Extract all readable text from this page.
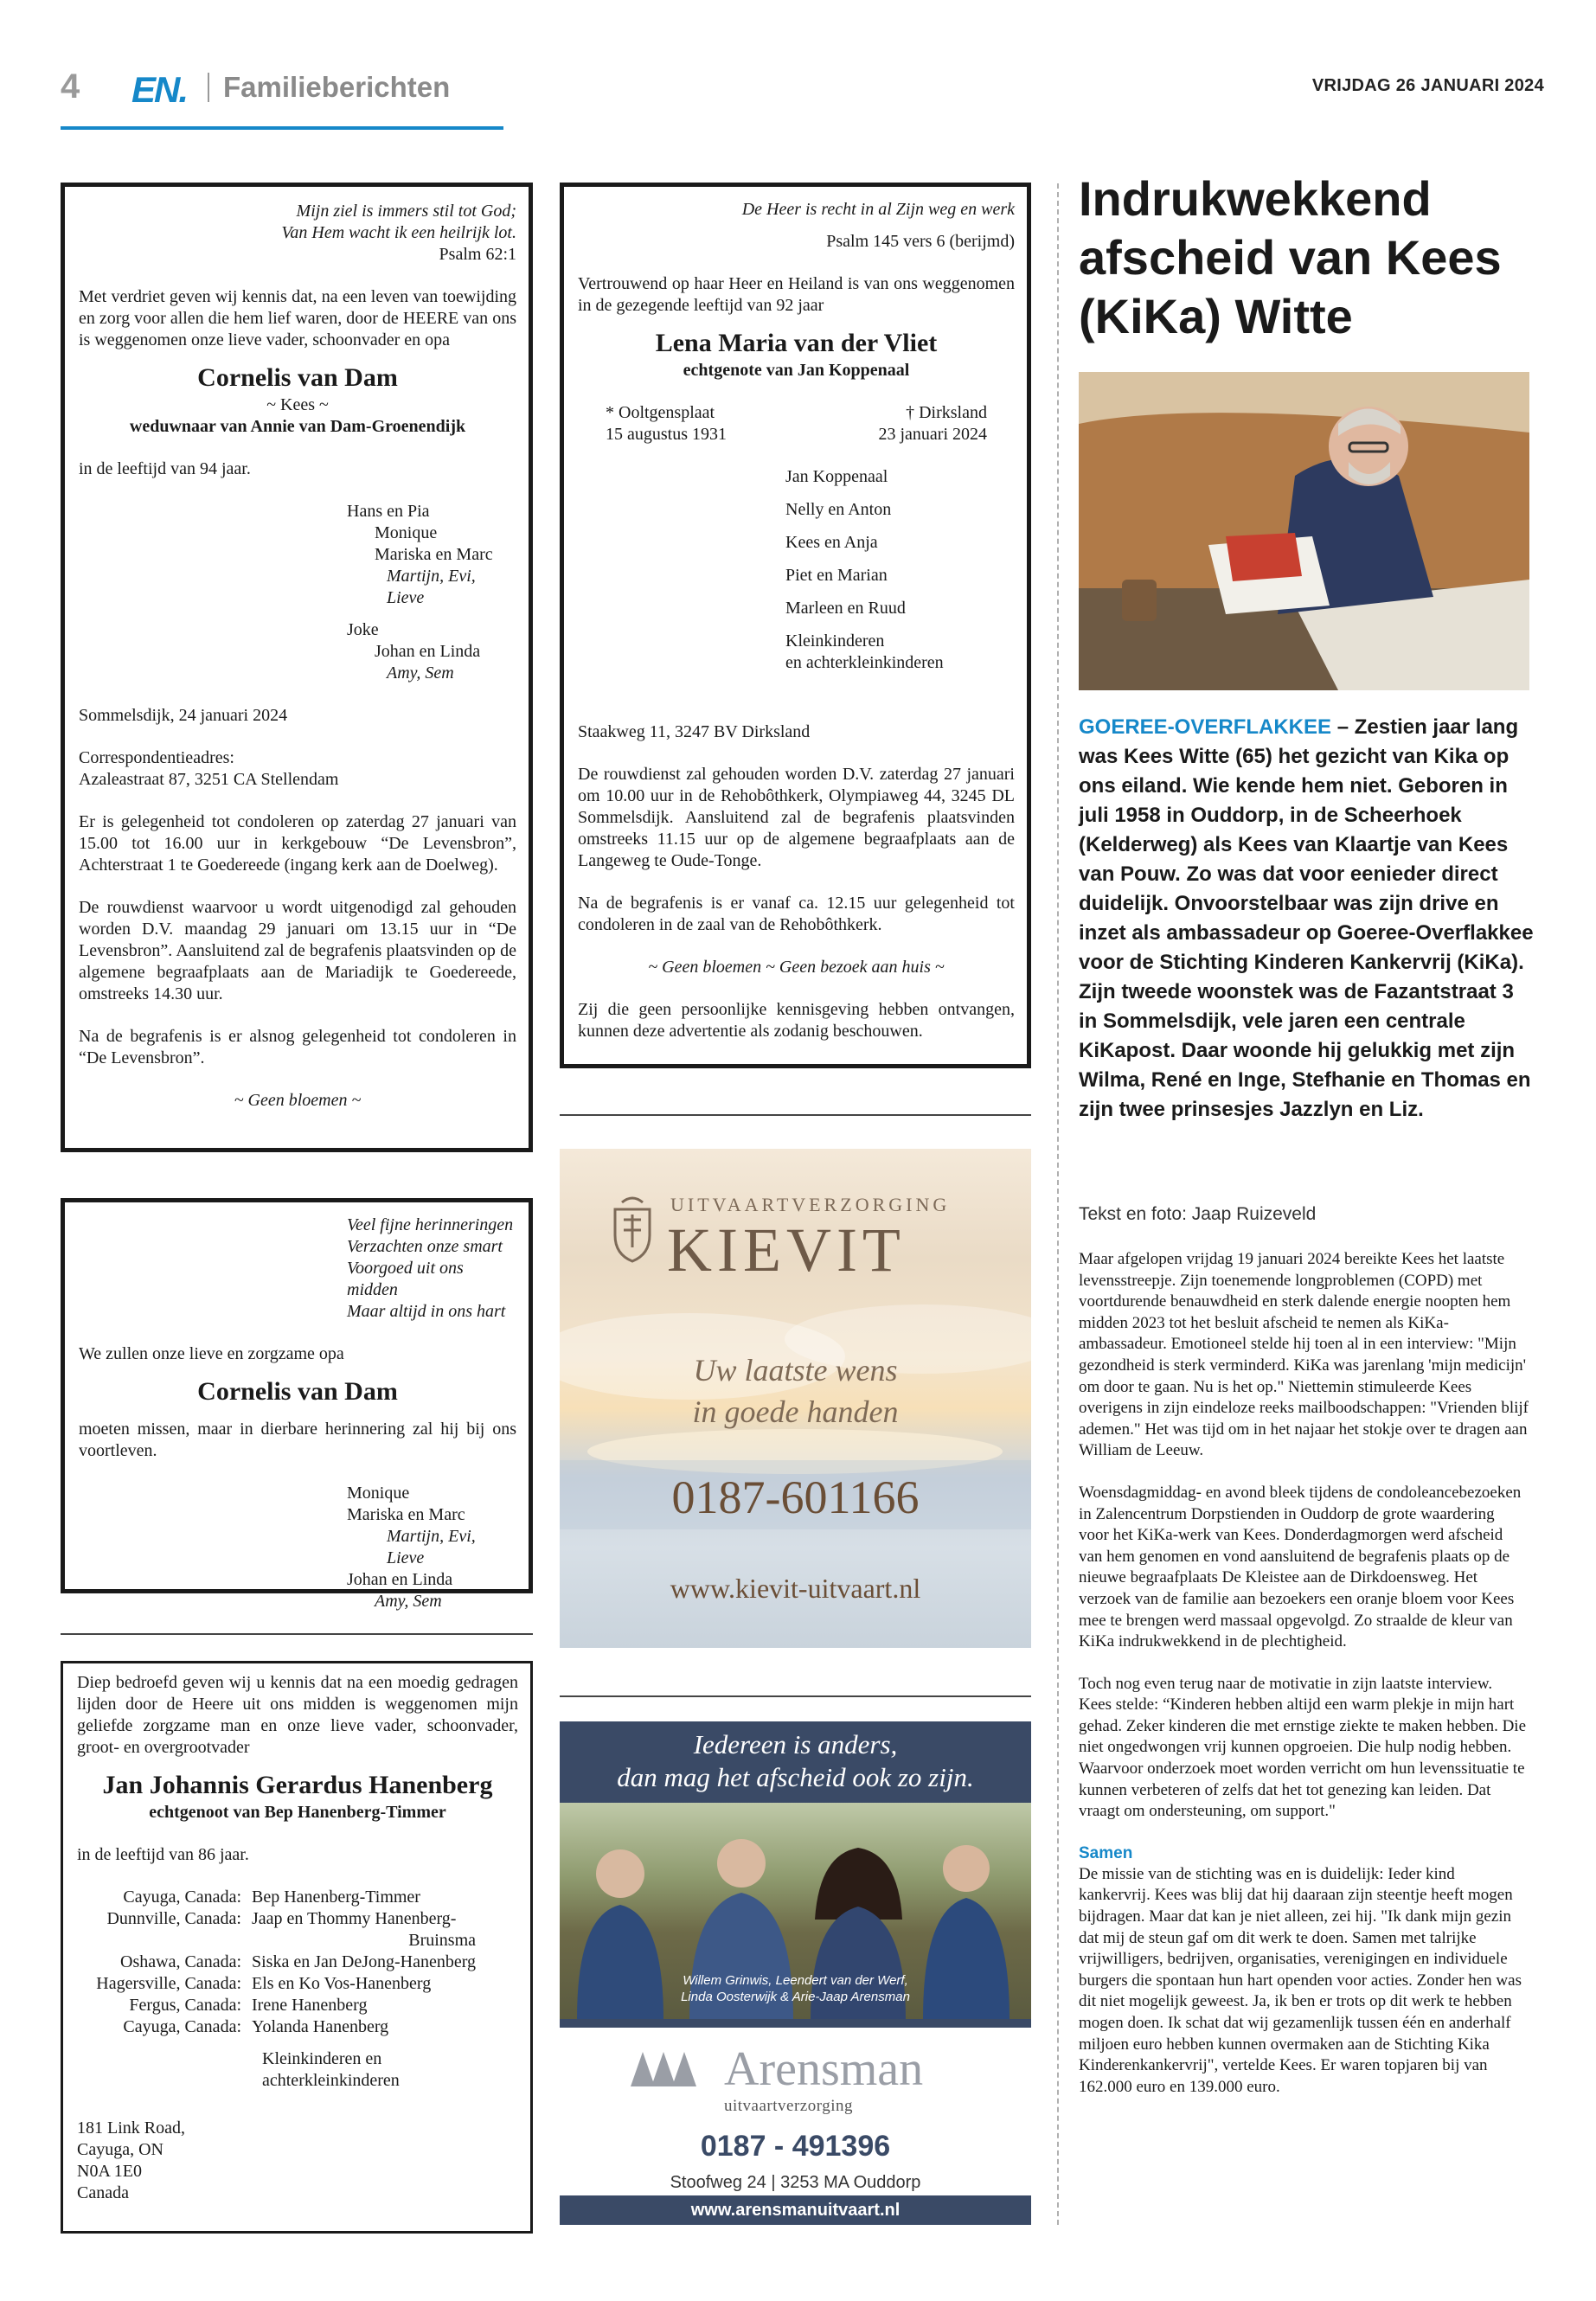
4 EN. Familieberichten	VRIJDAG 26 JANUARI 2024
Mijn ziel is immers stil tot God;
Van Hem wacht ik een heilrijk lot.
Psalm 62:1
Met verdriet geven wij kennis dat, na een leven van toewijding en zorg voor allen die hem lief waren, door de HEERE van ons is weggenomen onze lieve vader, schoonvader en opa
Cornelis van Dam
~ Kees ~
weduwnaar van Annie van Dam-Groenendijk
in de leeftijd van 94 jaar.
Hans en Pia
Monique
Mariska en Marc
Martijn, Evi, Lieve
Joke
Johan en Linda
Amy, Sem
Sommelsdijk, 24 januari 2024
Correspondentieadres:
Azaleastraat 87, 3251 CA Stellendam
Er is gelegenheid tot condoleren op zaterdag 27 januari van 15.00 tot 16.00 uur in kerkgebouw “De Levensbron”, Achterstraat 1 te Goedereede (ingang kerk aan de Doelweg).
De rouwdienst waarvoor u wordt uitgenodigd zal gehouden worden D.V. maandag 29 januari om 13.15 uur in “De Levensbron”. Aansluitend zal de begrafenis plaatsvinden op de algemene begraafplaats aan de Mariadijk te Goedereede, omstreeks 14.30 uur.
Na de begrafenis is er alsnog gelegenheid tot condoleren in “De Levensbron”.
~ Geen bloemen ~
Veel fijne herinneringen
Verzachten onze smart
Voorgoed uit ons midden
Maar altijd in ons hart
We zullen onze lieve en zorgzame opa
Cornelis van Dam
moeten missen, maar in dierbare herinnering zal hij bij ons voortleven.
Monique
Mariska en Marc
Martijn, Evi, Lieve
Johan en Linda
Amy, Sem
Diep bedroefd geven wij u kennis dat na een moedig gedragen lijden door de Heere uit ons midden is weggenomen mijn geliefde zorgzame man en onze lieve vader, schoonvader, groot- en overgrootvader
Jan Johannis Gerardus Hanenberg
echtgenoot van Bep Hanenberg-Timmer
in de leeftijd van 86 jaar.
Cayuga, Canada:	Bep Hanenberg-Timmer
Dunnville, Canada:	Jaap en Thommy Hanenberg-
	Bruinsma
Oshawa, Canada:	Siska en Jan DeJong-Hanenberg
Hagersville, Canada:	Els en Ko Vos-Hanenberg
Fergus, Canada:	Irene Hanenberg
Cayuga, Canada:	Yolanda Hanenberg
Kleinkinderen en
achterkleinkinderen
181 Link Road,
Cayuga, ON
N0A 1E0
Canada
De Heer is recht in al Zijn weg en werk
Psalm 145 vers 6 (berijmd)
Vertrouwend op haar Heer en Heiland is van ons weggenomen in de gezegende leeftijd van 92 jaar
Lena Maria van der Vliet
echtgenote van Jan Koppenaal
* Ooltgensplaat
15 augustus 1931
† Dirksland
23 januari 2024
Jan Koppenaal
Nelly en Anton
Kees en Anja
Piet en Marian
Marleen en Ruud
Kleinkinderen
en achterkleinkinderen
Staakweg 11, 3247 BV Dirksland
De rouwdienst zal gehouden worden D.V. zaterdag 27 januari om 10.00 uur in de Rehobôthkerk, Olympiaweg 44, 3245 DL Sommelsdijk. Aansluitend zal de begrafenis plaatsvinden omstreeks 11.15 uur op de algemene begraafplaats aan de Langeweg te Oude-Tonge.
Na de begrafenis is er vanaf ca. 12.15 uur gelegenheid tot condoleren in de zaal van de Rehobôthkerk.
~ Geen bloemen ~ Geen bezoek aan huis ~
Zij die geen persoonlijke kennisgeving hebben ontvangen, kunnen deze advertentie als zodanig beschouwen.
UITVAARTVERZORGING
KIEVIT
Uw laatste wens
in goede handen
0187-601166
www.kievit-uitvaart.nl
Iedereen is anders,
dan mag het afscheid ook zo zijn.
Willem Grinwis, Leendert van der Werf,
Linda Oosterwijk & Arie-Jaap Arensman
Arensman
uitvaartverzorging
0187 - 491396
Stoofweg 24 | 3253 MA Ouddorp
www.arensmanuitvaart.nl
Indrukwekkend afscheid van Kees (KiKa) Witte
GOEREE-OVERFLAKKEE – Zestien jaar lang was Kees Witte (65) het gezicht van Kika op ons eiland. Wie kende hem niet. Geboren in juli 1958 in Ouddorp, in de Scheerhoek (Kelderweg) als Kees van Klaartje van Kees van Pouw. Zo was dat voor eenieder direct duidelijk. Onvoorstelbaar was zijn drive en inzet als ambassadeur op Goeree-Overflakkee voor de Stichting Kinderen Kankervrij (KiKa). Zijn tweede woonstek was de Fazantstraat 3 in Sommelsdijk, vele jaren een centrale KiKapost. Daar woonde hij gelukkig met zijn Wilma, René en Inge, Stefhanie en Thomas en zijn twee prinsesjes Jazzlyn en Liz.
Tekst en foto: Jaap Ruizeveld

Maar afgelopen vrijdag 19 januari 2024 bereikte Kees het laatste levensstreepje. Zijn toenemende longproblemen (COPD) met voortdurende benauwdheid en sterk dalende energie noopten hem midden 2023 tot het besluit afscheid te nemen als KiKa-ambassadeur. Emotioneel stelde hij toen al in een interview: "Mijn gezondheid is sterk verminderd. KiKa was jarenlang 'mijn medicijn' om door te gaan. Nu is het op." Niettemin stimuleerde Kees overigens in zijn eindeloze reeks mailboodschappen: "Vrienden blijf ademen." Het was tijd om in het najaar het stokje over te dragen aan William de Leeuw.

Woensdagmiddag- en avond bleek tijdens de condoleancebezoeken in Zalencentrum Dorpstienden in Ouddorp de grote waardering voor het KiKa-werk van Kees. Donderdagmorgen werd afscheid van hem genomen en vond aansluitend de begrafenis plaats op de nieuwe begraafplaats De Kleistee aan de Dirkdoensweg. Het verzoek van de familie aan bezoekers een oranje bloem voor Kees mee te brengen werd massaal opgevolgd. Zo straalde de kleur van KiKa indrukwekkend in de plechtigheid.

Toch nog even terug naar de motivatie in zijn laatste interview. Kees stelde: “Kinderen hebben altijd een warm plekje in mijn hart gehad. Zeker kinderen die met ernstige ziekte te maken hebben. Die niet ongedwongen vrij kunnen opgroeien. Die hulp nodig hebben. Waarvoor onderzoek moet worden verricht om hun levenssituatie te kunnen verbeteren of zelfs dat het tot genezing kan leiden. Dat vraagt om ondersteuning, om support."

Samen

De missie van de stichting was en is duidelijk: Ieder kind kankervrij. Kees was blij dat hij daaraan zijn steentje heeft mogen bijdragen. Maar dat kan je niet alleen, zei hij. "Ik dank mijn gezin dat mij de steun gaf om dit werk te doen. Samen met talrijke vrijwilligers, bedrijven, organisaties, verenigingen en individuele burgers die spontaan hun hart openden voor acties. Zonder hen was dit niet mogelijk geweest. Ja, ik ben er trots op dit werk te hebben mogen doen. Ik schat dat wij gezamenlijk tussen één en anderhalf miljoen euro hebben kunnen overmaken aan de Stichting Kika Kinderenkankervrij", vertelde Kees. Er waren topjaren bij van 162.000 euro en 139.000 euro.
